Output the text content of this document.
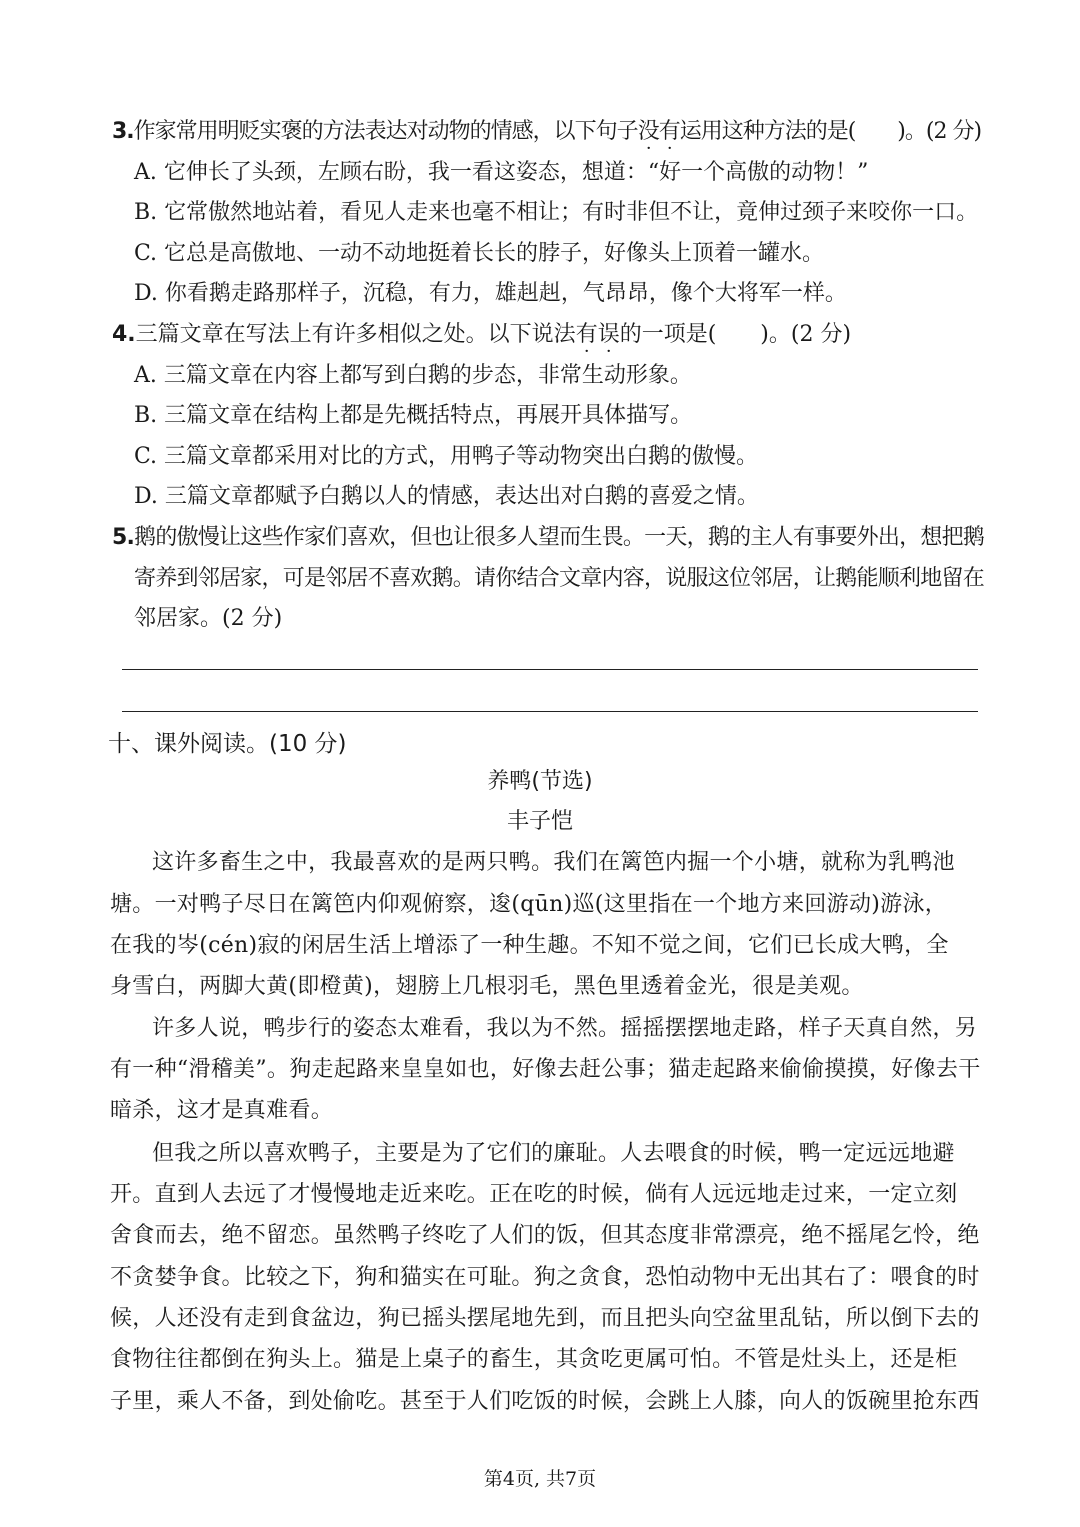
3.作家常用明贬实褒的方法表达对动物的情感，以下句子没有运用这种方法的是(　　)。(2 分)
A. 它伸长了头颈，左顾右盼，我一看这姿态，想道：“好一个高傲的动物！”
B. 它常傲然地站着，看见人走来也毫不相让；有时非但不让，竟伸过颈子来咬你一口。
C. 它总是高傲地、一动不动地挺着长长的脖子，好像头上顶着一罐水。
D. 你看鹅走路那样子，沉稳，有力，雄赳赳，气昂昂，像个大将军一样。
4.三篇文章在写法上有许多相似之处。以下说法有误的一项是(　　)。(2 分)
A. 三篇文章在内容上都写到白鹅的步态，非常生动形象。
B. 三篇文章在结构上都是先概括特点，再展开具体描写。
C. 三篇文章都采用对比的方式，用鸭子等动物突出白鹅的傲慢。
D. 三篇文章都赋予白鹅以人的情感，表达出对白鹅的喜爱之情。
5.鹅的傲慢让这些作家们喜欢，但也让很多人望而生畏。一天，鹅的主人有事要外出，想把鹅
寄养到邻居家，可是邻居不喜欢鹅。请你结合文章内容，说服这位邻居，让鹅能顺利地留在
邻居家。(2 分)
十、课外阅读。(10 分)
养鸭(节选)
丰子恺
这许多畜生之中，我最喜欢的是两只鸭。我们在篱笆内掘一个小塘，就称为乳鸭池
塘。一对鸭子尽日在篱笆内仰观俯察，逡(qūn)巡(这里指在一个地方来回游动)游泳，
在我的岑(cén)寂的闲居生活上增添了一种生趣。不知不觉之间，它们已长成大鸭，全
身雪白，两脚大黄(即橙黄)，翅膀上几根羽毛，黑色里透着金光，很是美观。
许多人说，鸭步行的姿态太难看，我以为不然。摇摇摆摆地走路，样子天真自然，另
有一种“滑稽美”。狗走起路来皇皇如也，好像去赶公事；猫走起路来偷偷摸摸，好像去干
暗杀，这才是真难看。
但我之所以喜欢鸭子，主要是为了它们的廉耻。人去喂食的时候，鸭一定远远地避
开。直到人去远了才慢慢地走近来吃。正在吃的时候，倘有人远远地走过来，一定立刻
舍食而去，绝不留恋。虽然鸭子终吃了人们的饭，但其态度非常漂亮，绝不摇尾乞怜，绝
不贪婪争食。比较之下，狗和猫实在可耻。狗之贪食，恐怕动物中无出其右了：喂食的时
候，人还没有走到食盆边，狗已摇头摆尾地先到，而且把头向空盆里乱钻，所以倒下去的
食物往往都倒在狗头上。猫是上桌子的畜生，其贪吃更属可怕。不管是灶头上，还是柜
子里，乘人不备，到处偷吃。甚至于人们吃饭的时候，会跳上人膝，向人的饭碗里抢东西
第4页, 共7页
